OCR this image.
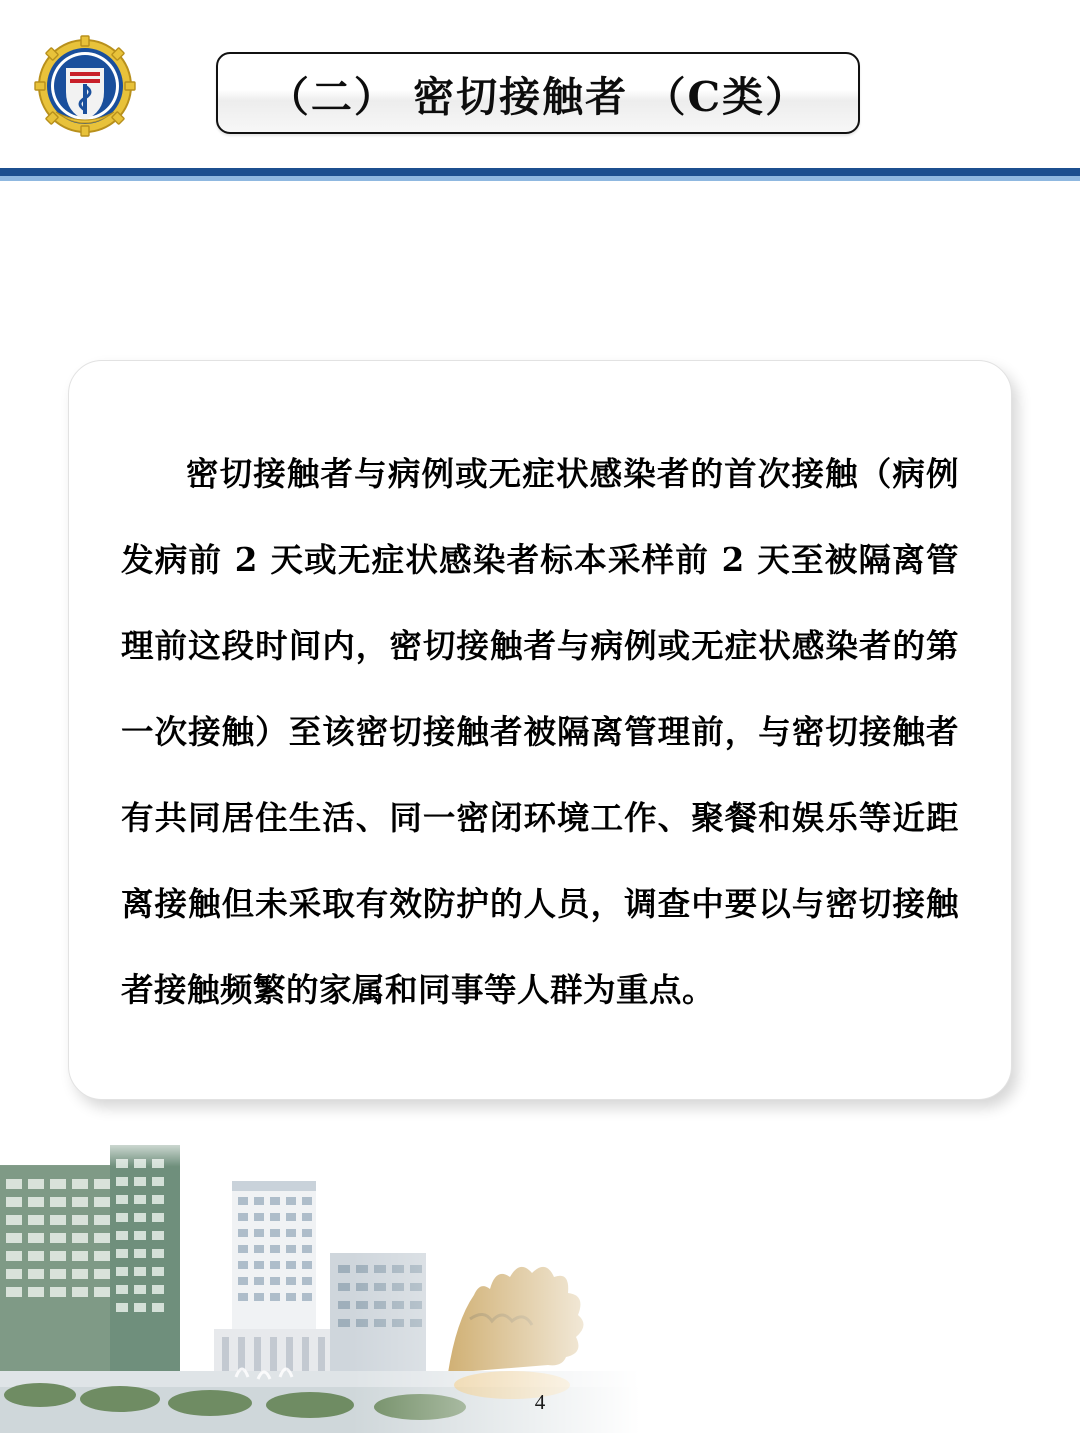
（二） 密切接触者 （C类）

密切接触者与病例或无症状感染者的首次接触（病例发病前 2 天或无症状感染者标本采样前 2 天至被隔离管理前这段时间内，密切接触者与病例或无症状感染者的第一次接触）至该密切接触者被隔离管理前，与密切接触者有共同居住生活、同一密闭环境工作、聚餐和娱乐等近距离接触但未采取有效防护的人员，调查中要以与密切接触者接触频繁的家属和同事等人群为重点。

4
